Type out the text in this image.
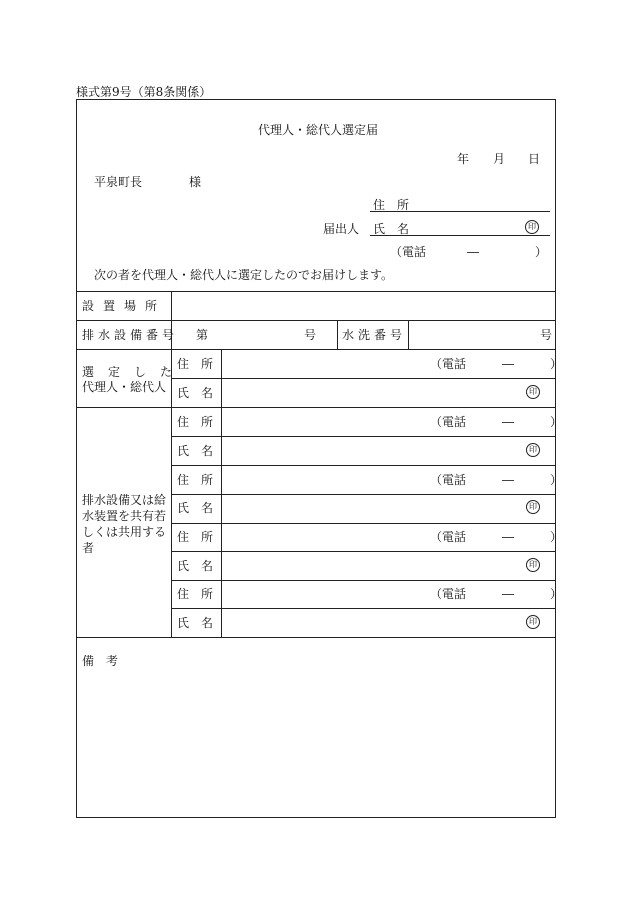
様式第9号（第8条関係）
代理人・総代人選定届
年 月 日
平泉町長	様
住　所
届出人 氏　名	印
（電話	―	）
次の者を代理人・総代人に選定したのでお届けします。
設置場所
排水設備番号 第	号 水洗番号	号
選定した
代理人・総代人
住　所	（電話　　　―　　　）
氏　名	印
排水設備又は給水装置を共有若しくは共用する者
住　所	（電話　　　―　　　）
氏　名	印
住　所	（電話　　　―　　　）
氏　名	印
住　所	（電話　　　―　　　）
氏　名	印
住　所	（電話　　　―　　　）
氏　名	印
備　考
